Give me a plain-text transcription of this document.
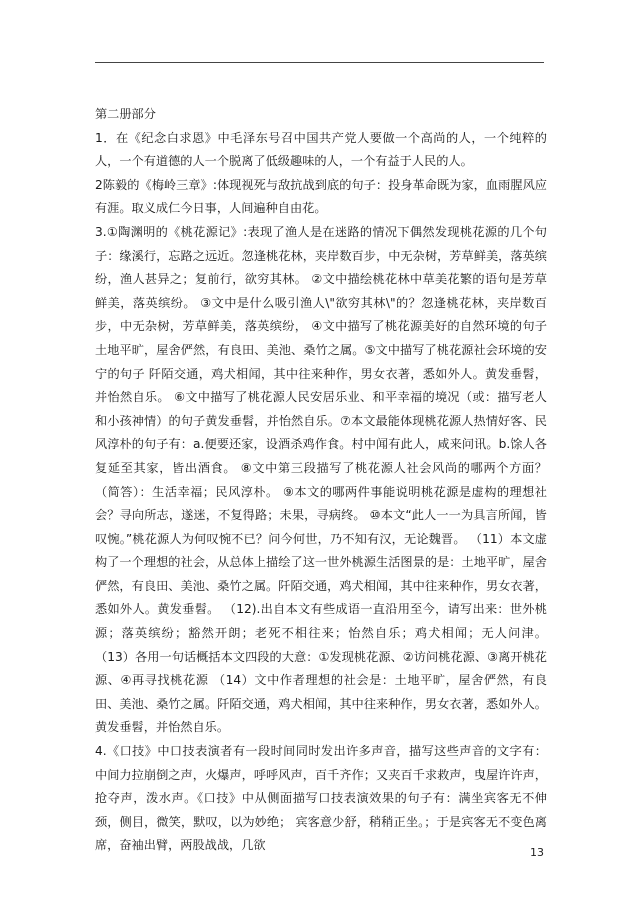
第二册部分

1．在《纪念白求恩》中毛泽东号召中国共产党人要做一个高尚的人，一个纯粹的人，一个有道德的人一个脱离了低级趣味的人，一个有益于人民的人。

2陈毅的《梅岭三章》:体现视死与敌抗战到底的句子：投身革命既为家，血雨腥风应有涯。取义成仁今日事，人间遍种自由花。

3.①陶渊明的《桃花源记》:表现了渔人是在迷路的情况下偶然发现桃花源的几个句子：缘溪行，忘路之远近。忽逢桃花林，夹岸数百步，中无杂树，芳草鲜美，落英缤纷，渔人甚异之；复前行，欲穷其林。 ②文中描绘桃花林中草美花繁的语句是芳草鲜美，落英缤纷。 ③文中是什么吸引渔人\"欲穷其林\"的？忽逢桃花林，夹岸数百步，中无杂树，芳草鲜美，落英缤纷， ④文中描写了桃花源美好的自然环境的句子 土地平旷，屋舍俨然，有良田、美池、桑竹之属。⑤文中描写了桃花源社会环境的安宁的句子 阡陌交通，鸡犬相闻，其中往来种作，男女衣著，悉如外人。黄发垂髫，并怡然自乐。 ⑥文中描写了桃花源人民安居乐业、和平幸福的境况（或：描写老人和小孩神情）的句子黄发垂髫，并怡然自乐。⑦本文最能体现桃花源人热情好客、民风淳朴的句子有：a.便要还家，设酒杀鸡作食。村中闻有此人，咸来问讯。b.馀人各复延至其家，皆出酒食。 ⑧文中第三段描写了桃花源人社会风尚的哪两个方面？（简答）：生活幸福；民风淳朴。 ⑨本文的哪两件事能说明桃花源是虚构的理想社会？寻向所志，遂迷，不复得路；未果，寻病终。 ⑩本文“此人一一为具言所闻，皆叹惋。”桃花源人为何叹惋不已？问今何世，乃不知有汉，无论魏晋。 （11）本文虚构了一个理想的社会，从总体上描绘了这一世外桃源生活图景的是：土地平旷，屋舍俨然，有良田、美池、桑竹之属。阡陌交通，鸡犬相闻，其中往来种作，男女衣著，悉如外人。黄发垂髫。 （12).出自本文有些成语一直沿用至今，请写出来：世外桃源；落英缤纷；豁然开朗；老死不相往来；怡然自乐；鸡犬相闻；无人问津。 （13）各用一句话概括本文四段的大意：①发现桃花源、②访问桃花源、③离开桃花源、④再寻找桃花源 （14）文中作者理想的社会是：土地平旷，屋舍俨然，有良田、美池、桑竹之属。阡陌交通，鸡犬相闻，其中往来种作，男女衣著，悉如外人。黄发垂髫，并怡然自乐。

4.《口技》中口技表演者有一段时间同时发出许多声音，描写这些声音的文字有： 中间力拉崩倒之声，火爆声，呼呼风声，百千齐作；又夹百千求救声，曳屋许许声，抢夺声，泼水声。《口技》中从侧面描写口技表演效果的句子有：满坐宾客无不伸颈，侧目，微笑，默叹，以为妙绝； 宾客意少舒，稍稍正坐。；于是宾客无不变色离席，奋袖出臂，两股战战，几欲

13
